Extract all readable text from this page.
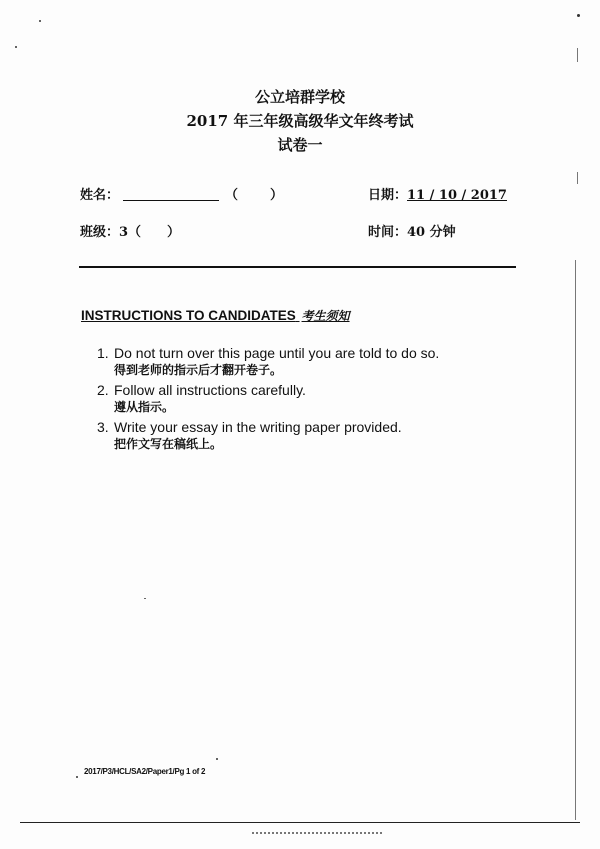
公立培群学校
2017 年三年级高级华文年终考试
试卷一
姓名：	（　　）
班级：3（　　）
日期：11 / 10 / 2017
时间：40 分钟
INSTRUCTIONS TO CANDIDATES 考生须知
1. Do not turn over this page until you are told to do so.
得到老师的指示后才翻开卷子。
2. Follow all instructions carefully.
遵从指示。
3. Write your essay in the writing paper provided.
把作文写在稿纸上。
2017/P3/HCL/SA2/Paper1/Pg 1 of 2
